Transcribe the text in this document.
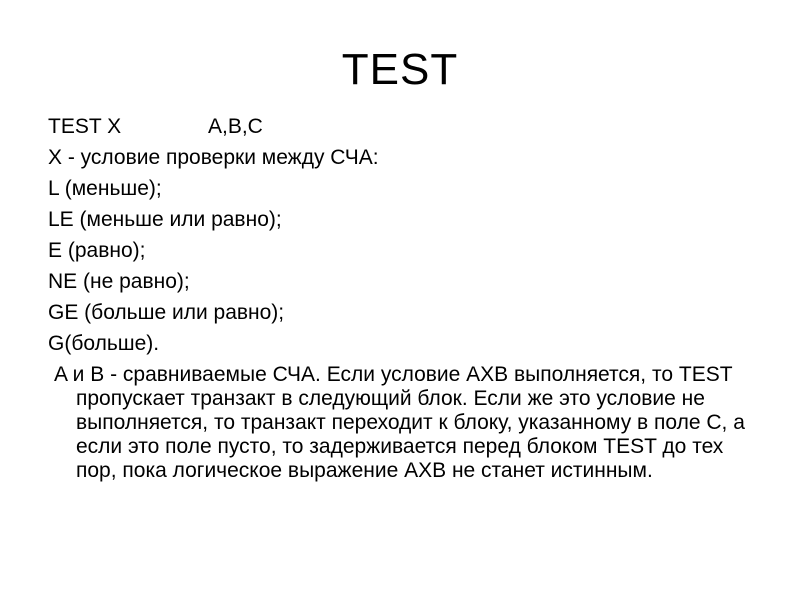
TEST
TEST X	A,B,C
X - условие проверки между СЧА:
L (меньше);
LE (меньше или равно);
E (равно);
NE (не равно);
GE (больше или равно);
G(больше).
A и B - сравниваемые СЧА. Если условие AXB выполняется, то TEST пропускает транзакт в следующий блок. Если же это условие не выполняется, то транзакт переходит к блоку, указанному в поле С, а если это поле пусто, то задерживается перед блоком TEST до тех пор, пока логическое выражение AXB не станет истинным.
